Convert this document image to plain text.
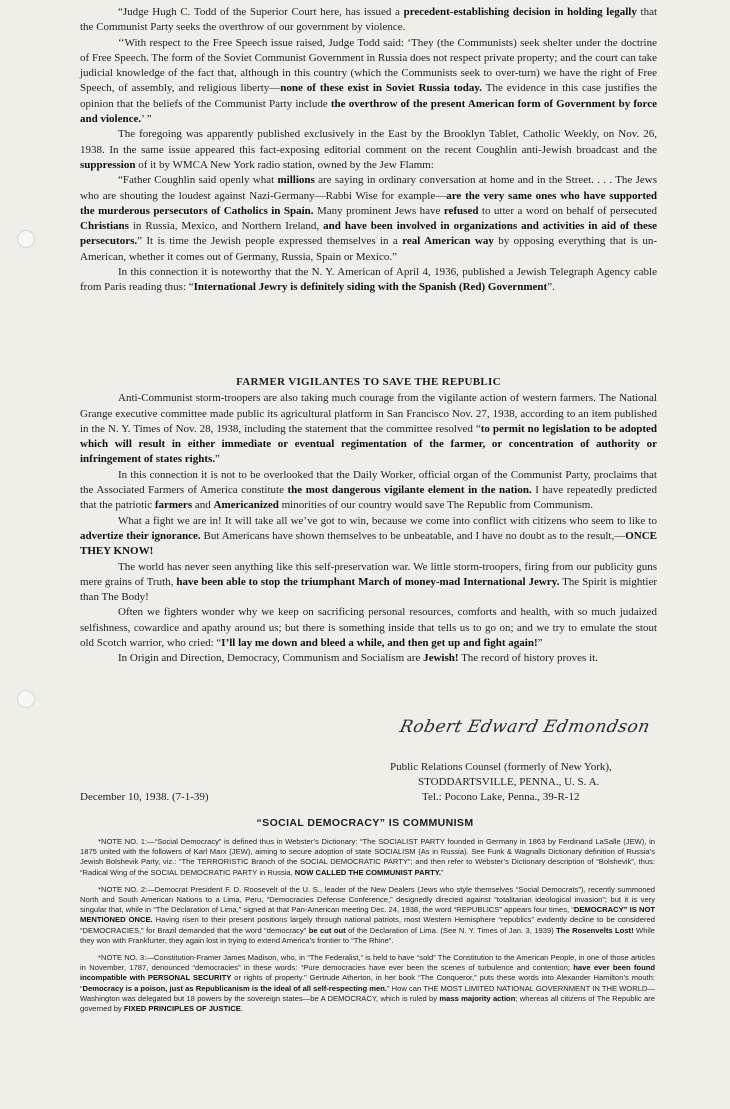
“Judge Hugh C. Todd of the Superior Court here, has issued a precedent-establishing decision in holding legally that the Communist Party seeks the overthrow of our government by violence.

‘‘With respect to the Free Speech issue raised, Judge Todd said: ‘They (the Communists) seek shelter under the doctrine of Free Speech. The form of the Soviet Communist Government in Russia does not respect private property; and the court can take judicial knowledge of the fact that, although in this country (which the Communists seek to over-turn) we have the right of Free Speech, of assembly, and religious liberty—none of these exist in Soviet Russia today. The evidence in this case justifies the opinion that the beliefs of the Communist Party include the overthrow of the present American form of Government by force and violence.’ ”

The foregoing was apparently published exclusively in the East by the Brooklyn Tablet, Catholic Weekly, on Nov. 26, 1938. In the same issue appeared this fact-exposing editorial comment on the recent Coughlin anti-Jewish broadcast and the suppression of it by WMCA New York radio station, owned by the Jew Flamm:

“Father Coughlin said openly what millions are saying in ordinary conversation at home and in the Street. . . . The Jews who are shouting the loudest against Nazi-Germany—Rabbi Wise for example—are the very same ones who have supported the murderous persecutors of Catholics in Spain. Many prominent Jews have refused to utter a word on behalf of persecuted Christians in Russia, Mexico, and Northern Ireland, and have been involved in organizations and activities in aid of these persecutors.” It is time the Jewish people expressed themselves in a real American way by opposing everything that is un-American, whether it comes out of Germany, Russia, Spain or Mexico.”

In this connection it is noteworthy that the N. Y. American of April 4, 1936, published a Jewish Telegraph Agency cable from Paris reading thus: “International Jewry is definitely siding with the Spanish (Red) Government”.

FARMER VIGILANTES TO SAVE THE REPUBLIC

Anti-Communist storm-troopers are also taking much courage from the vigilante action of western farmers. The National Grange executive committee made public its agricultural platform in San Francisco Nov. 27, 1938, according to an item published in the N. Y. Times of Nov. 28, 1938, including the statement that the committee resolved “to permit no legislation to be adopted which will result in either immediate or eventual regimentation of the farmer, or concentration of authority or infringement of states rights.”

In this connection it is not to be overlooked that the Daily Worker, official organ of the Communist Party, proclaims that the Associated Farmers of America constitute the most dangerous vigilante element in the nation. I have repeatedly predicted that the patriotic farmers and Americanized minorities of our country would save The Republic from Communism.

What a fight we are in! It will take all we’ve got to win, because we come into conflict with citizens who seem to like to advertize their ignorance. But Americans have shown themselves to be unbeatable, and I have no doubt as to the result,—ONCE THEY KNOW!

The world has never seen anything like this self-preservation war. We little storm-troopers, firing from our publicity guns mere grains of Truth, have been able to stop the triumphant March of money-mad International Jewry. The Spirit is mightier than The Body!

Often we fighters wonder why we keep on sacrificing personal resources, comforts and health, with so much judaized selfishness, cowardice and apathy around us; but there is something inside that tells us to go on; and we try to emulate the stout old Scotch warrior, who cried: “I’ll lay me down and bleed a while, and then get up and fight again!”

In Origin and Direction, Democracy, Communism and Socialism are Jewish! The record of history proves it.

Robert Edward Edmondson
Public Relations Counsel (formerly of New York),
STODDARTSVILLE, PENNA., U. S. A.
December 10, 1938. (7-1-39)	Tel.: Pocono Lake, Penna., 39-R-12
“SOCIAL DEMOCRACY” IS COMMUNISM

*NOTE NO. 1:—“Social Democracy” is defined thus in Webster’s Dictionary: “The SOCIALIST PARTY founded in Germany in 1863 by Ferdinand LaSalle (JEW), in 1875 united with the followers of Karl Marx (JEW), aiming to secure adoption of state SOCIALISM (As in Russia). See Funk & Wagnalls Dictionary definition of Russia’s Jewish Bolshevik Party, viz.: “The TERRORISTIC Branch of the SOCIAL DEMOCRATIC PARTY”; and then refer to Webster’s Dictionary description of “Bolshevik”, thus: “Radical Wing of the SOCIAL DEMOCRATIC PARTY in Russia, NOW CALLED THE COMMUNIST PARTY.”

*NOTE NO. 2:—Democrat President F. D. Roosevelt of the U. S., leader of the New Dealers (Jews who style themselves “Social Democrats”), recently summoned North and South American Nations to a Lima, Peru, “Democracies Defense Conference,” designedly directed against “totalitarian ideological invasion”; but it is very singular that, while in “The Declaration of Lima,” signed at that Pan-American meeting Dec. 24, 1938, the word “REPUBLICS” appears four times, “DEMOCRACY” IS NOT MENTIONED ONCE. Having risen to their present positions largely through national patriots, most Western Hemisphere “republics” evidently decline to be considered “DEMOCRACIES,” for Brazil demanded that the word “democracy” be cut out of the Declaration of Lima. (See N. Y. Times of Jan. 3, 1939) The Rosenvelts Lost! While they won with Frankfurter, they again lost in trying to extend America’s frontier to “The Rhine”.

*NOTE NO. 3:—Constitution-Framer James Madison, who, in “The Federalist,” is held to have “sold” The Constitution to the American People, in one of those articles in November, 1787, denounced “democracies” in these words: “Pure democracies have ever been the scenes of turbulence and contention; have ever been found incompatible with PERSONAL SECURITY or rights of property.” Gertrude Atherton, in her book “The Conqueror,” puts these words into Alexander Hamilton’s mouth: “Democracy is a poison, just as Republicanism is the ideal of all self-respecting men.” How can THE MOST LIMITED NATIONAL GOVERNMENT IN THE WORLD—Washington was delegated but 18 powers by the sovereign states—be A DEMOCRACY, which is ruled by mass majority action; whereas all citizens of The Republic are governed by FIXED PRINCIPLES OF JUSTICE.
